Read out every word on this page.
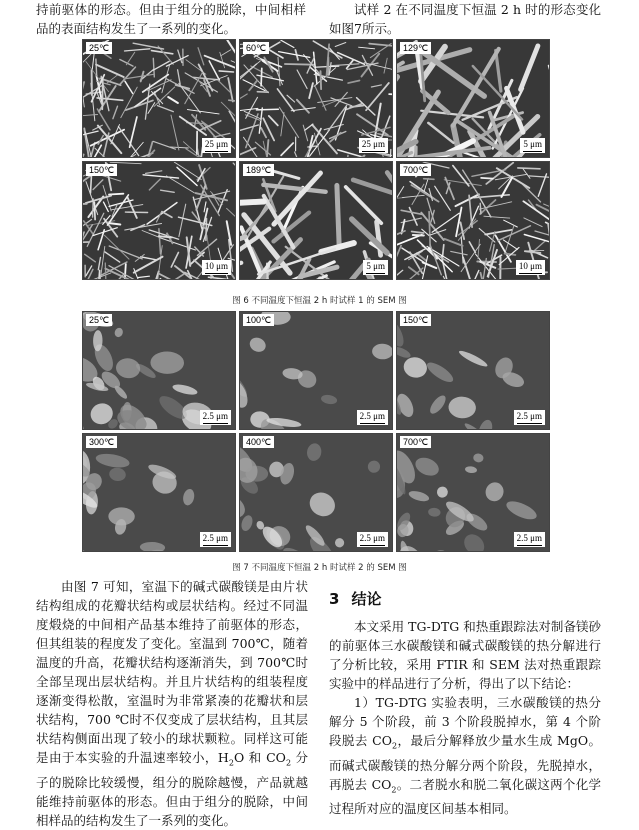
持前驱体的形态。但由于组分的脱除，中间相样品的表面结构发生了一系列的变化。

试样 2 在不同温度下恒温 2 h 时的形态变化如图7所示。

25℃
25 μm
60℃
25 μm
129℃
5 μm
150℃
10 μm
189℃
5 μm
700℃
10 μm
图 6 不同温度下恒温 2 h 时试样 1 的 SEM 图
25℃
2.5 μm
100℃
2.5 μm
150℃
2.5 μm
300℃
2.5 μm
400℃
2.5 μm
700℃
2.5 μm
图 7 不同温度下恒温 2 h 时试样 2 的 SEM 图

由图 7 可知，室温下的碱式碳酸镁是由片状结构组成的花瓣状结构或层状结构。经过不同温度煅烧的中间相产品基本维持了前驱体的形态，但其组装的程度发了变化。室温到 700℃，随着温度的升高，花瓣状结构逐渐消失，到 700℃时全部呈现出层状结构。并且片状结构的组装程度逐渐变得松散，室温时为非常紧凑的花瓣状和层状结构，700 ℃时不仅变成了层状结构，且其层状结构侧面出现了较小的球状颗粒。同样这可能是由于本实验的升温速率较小，$H_2O$ 和 $CO_2$ 分子的脱除比较缓慢，组分的脱除越慢，产品就越能维持前驱体的形态。但由于组分的脱除，中间相样品的结构发生了一系列的变化。

3 结论

本文采用 TG-DTG 和热重跟踪法对制备镁砂的前驱体三水碳酸镁和碱式碳酸镁的热分解进行了分析比较，采用 FTIR 和 SEM 法对热重跟踪实验中的样品进行了分析，得出了以下结论：

1）TG-DTG 实验表明，三水碳酸镁的热分解分 5 个阶段，前 3 个阶段脱掉水，第 4 个阶段脱去 $CO_2$，最后分解释放少量水生成 MgO。而碱式碳酸镁的热分解分两个阶段，先脱掉水，再脱去 $CO_2$。二者脱水和脱二氧化碳这两个化学过程所对应的温度区间基本相同。
